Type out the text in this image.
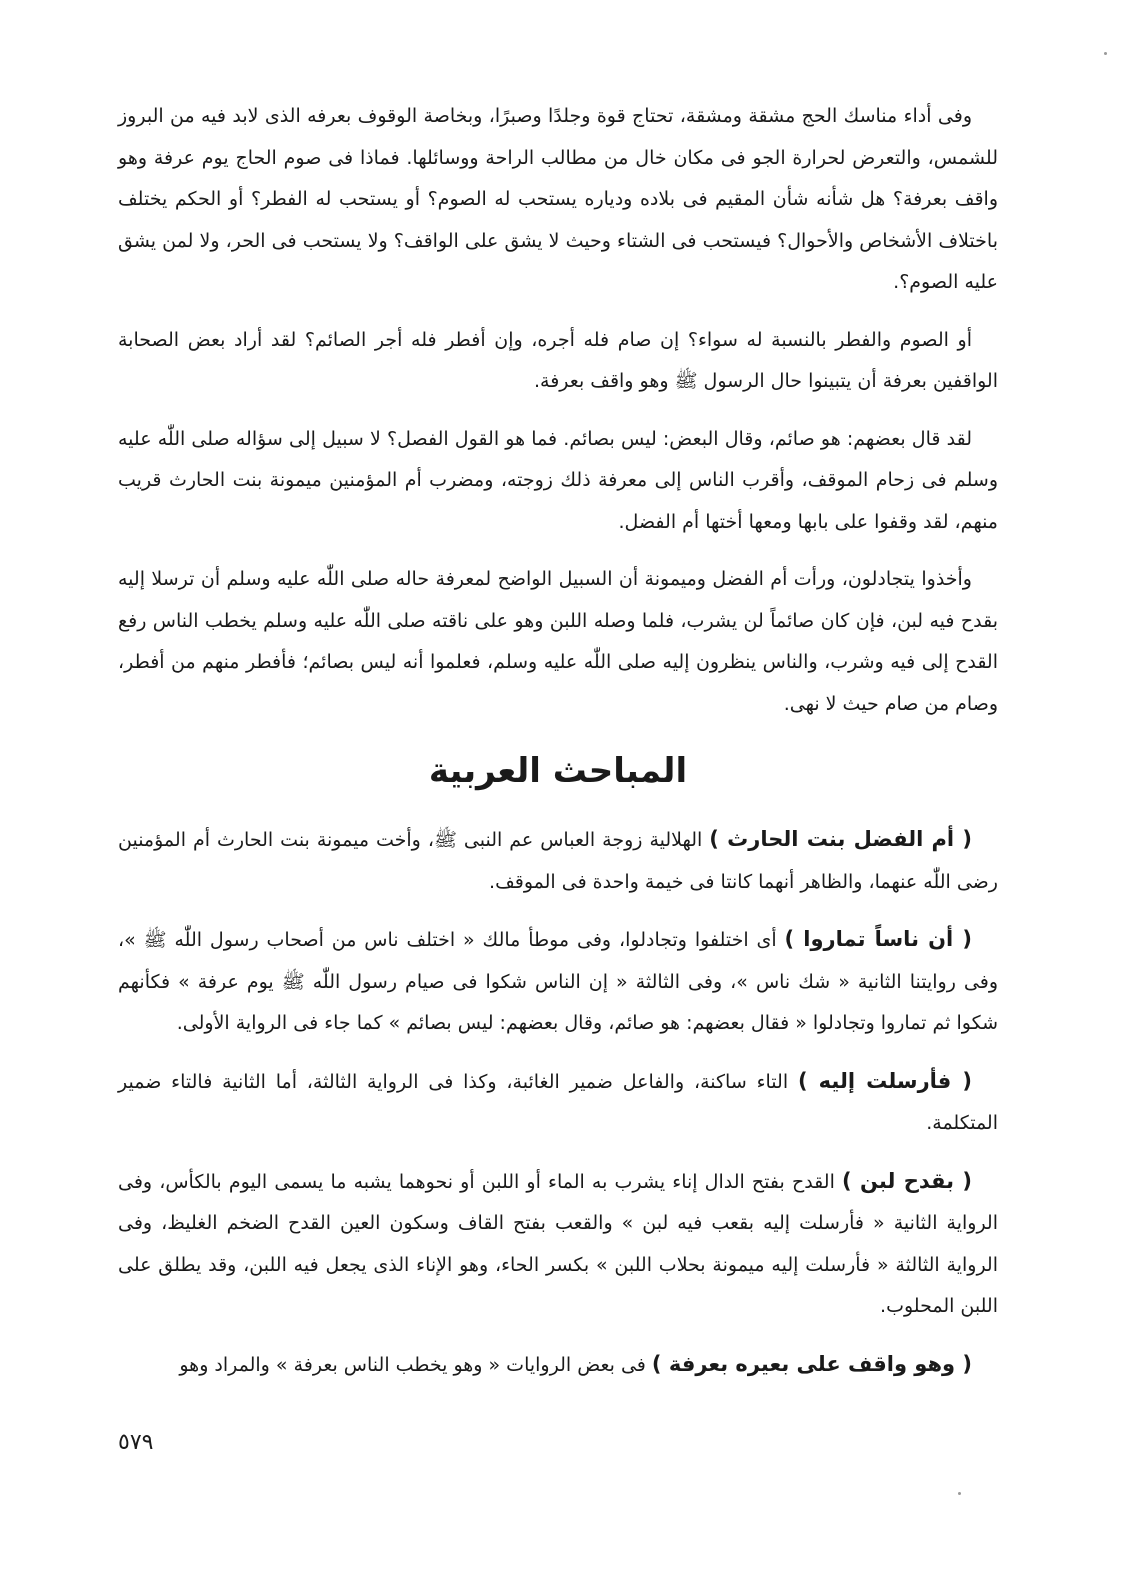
وفى أداء مناسك الحج مشقة ومشقة، تحتاج قوة وجلدًا وصبرًا، وبخاصة الوقوف بعرفه الذى لابد فيه من البروز للشمس، والتعرض لحرارة الجو فى مكان خال من مطالب الراحة ووسائلها. فماذا فى صوم الحاج يوم عرفة وهو واقف بعرفة؟ هل شأنه شأن المقيم فى بلاده ودياره يستحب له الصوم؟ أو يستحب له الفطر؟ أو الحكم يختلف باختلاف الأشخاص والأحوال؟ فيستحب فى الشتاء وحيث لا يشق على الواقف؟ ولا يستحب فى الحر، ولا لمن يشق عليه الصوم؟.

أو الصوم والفطر بالنسبة له سواء؟ إن صام فله أجره، وإن أفطر فله أجر الصائم؟ لقد أراد بعض الصحابة الواقفين بعرفة أن يتبينوا حال الرسول ﷺ وهو واقف بعرفة.

لقد قال بعضهم: هو صائم، وقال البعض: ليس بصائم. فما هو القول الفصل؟ لا سبيل إلى سؤاله صلى اللّٰه عليه وسلم فى زحام الموقف، وأقرب الناس إلى معرفة ذلك زوجته، ومضرب أم المؤمنين ميمونة بنت الحارث قريب منهم، لقد وقفوا على بابها ومعها أختها أم الفضل.

وأخذوا يتجادلون، ورأت أم الفضل وميمونة أن السبيل الواضح لمعرفة حاله صلى اللّٰه عليه وسلم أن ترسلا إليه بقدح فيه لبن، فإن كان صائماً لن يشرب، فلما وصله اللبن وهو على ناقته صلى اللّٰه عليه وسلم يخطب الناس رفع القدح إلى فيه وشرب، والناس ينظرون إليه صلى اللّٰه عليه وسلم، فعلموا أنه ليس بصائم؛ فأفطر منهم من أفطر، وصام من صام حيث لا نهى.

المباحث العربية

( أم الفضل بنت الحارث ) الهلالية زوجة العباس عم النبى ﷺ، وأخت ميمونة بنت الحارث أم المؤمنين رضى اللّٰه عنهما، والظاهر أنهما كانتا فى خيمة واحدة فى الموقف.

( أن ناساً تماروا ) أى اختلفوا وتجادلوا، وفى موطأ مالك « اختلف ناس من أصحاب رسول اللّٰه ﷺ »، وفى روايتنا الثانية « شك ناس »، وفى الثالثة « إن الناس شكوا فى صيام رسول اللّٰه ﷺ يوم عرفة » فكأنهم شكوا ثم تماروا وتجادلوا « فقال بعضهم: هو صائم، وقال بعضهم: ليس بصائم » كما جاء فى الرواية الأولى.

( فأرسلت إليه ) التاء ساكنة، والفاعل ضمير الغائبة، وكذا فى الرواية الثالثة، أما الثانية فالتاء ضمير المتكلمة.

( بقدح لبن ) القدح بفتح الدال إناء يشرب به الماء أو اللبن أو نحوهما يشبه ما يسمى اليوم بالكأس، وفى الرواية الثانية « فأرسلت إليه بقعب فيه لبن » والقعب بفتح القاف وسكون العين القدح الضخم الغليظ، وفى الرواية الثالثة « فأرسلت إليه ميمونة بحلاب اللبن » بكسر الحاء، وهو الإناء الذى يجعل فيه اللبن، وقد يطلق على اللبن المحلوب.

( وهو واقف على بعيره بعرفة ) فى بعض الروايات « وهو يخطب الناس بعرفة » والمراد وهو

٥٧٩
